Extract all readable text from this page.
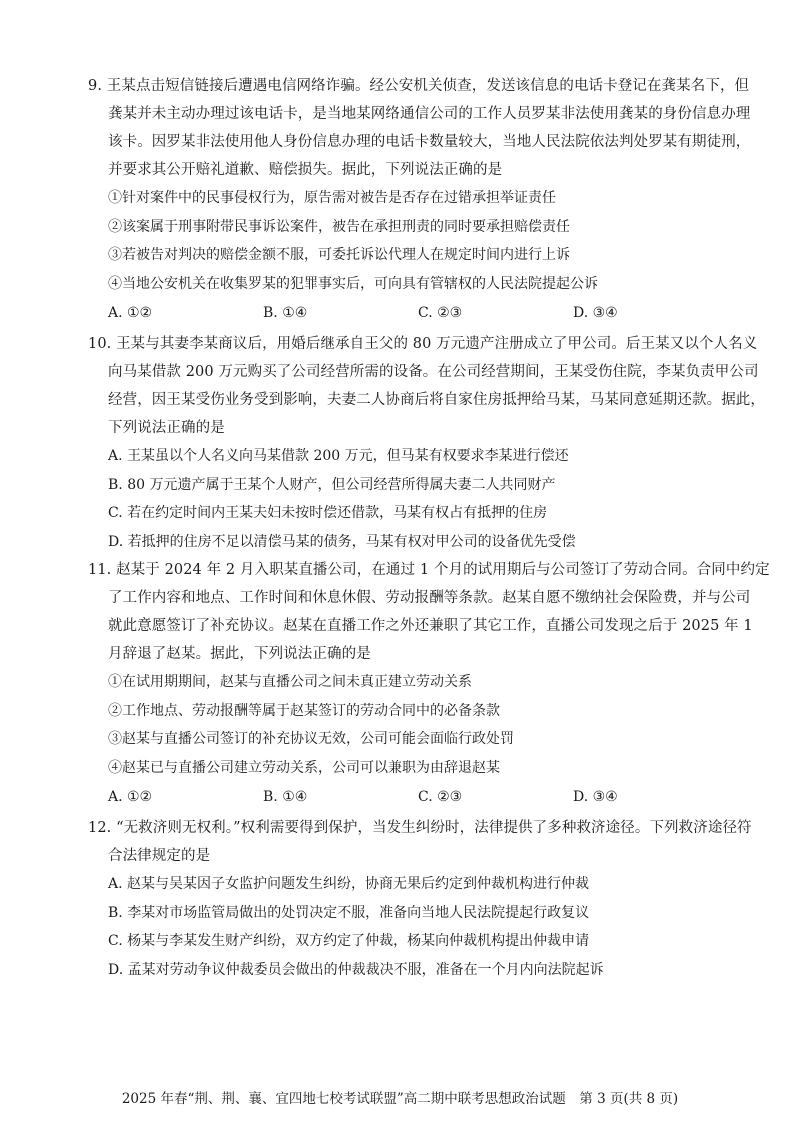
9. 王某点击短信链接后遭遇电信网络诈骗。经公安机关侦查，发送该信息的电话卡登记在龚某名下，但
龚某并未主动办理过该电话卡，是当地某网络通信公司的工作人员罗某非法使用龚某的身份信息办理
该卡。因罗某非法使用他人身份信息办理的电话卡数量较大，当地人民法院依法判处罗某有期徒刑，
并要求其公开赔礼道歉、赔偿损失。据此，下列说法正确的是
①针对案件中的民事侵权行为，原告需对被告是否存在过错承担举证责任
②该案属于刑事附带民事诉讼案件，被告在承担刑责的同时要承担赔偿责任
③若被告对判决的赔偿金额不服，可委托诉讼代理人在规定时间内进行上诉
④当地公安机关在收集罗某的犯罪事实后，可向具有管辖权的人民法院提起公诉
A. ①②	B. ①④	C. ②③	D. ③④
10. 王某与其妻李某商议后，用婚后继承自王父的 80 万元遗产注册成立了甲公司。后王某又以个人名义
向马某借款 200 万元购买了公司经营所需的设备。在公司经营期间，王某受伤住院，李某负责甲公司
经营，因王某受伤业务受到影响，夫妻二人协商后将自家住房抵押给马某，马某同意延期还款。据此，
下列说法正确的是
A. 王某虽以个人名义向马某借款 200 万元，但马某有权要求李某进行偿还
B. 80 万元遗产属于王某个人财产，但公司经营所得属夫妻二人共同财产
C. 若在约定时间内王某夫妇未按时偿还借款，马某有权占有抵押的住房
D. 若抵押的住房不足以清偿马某的债务，马某有权对甲公司的设备优先受偿
11. 赵某于 2024 年 2 月入职某直播公司，在通过 1 个月的试用期后与公司签订了劳动合同。合同中约定
了工作内容和地点、工作时间和休息休假、劳动报酬等条款。赵某自愿不缴纳社会保险费，并与公司
就此意愿签订了补充协议。赵某在直播工作之外还兼职了其它工作，直播公司发现之后于 2025 年 1
月辞退了赵某。据此，下列说法正确的是
①在试用期期间，赵某与直播公司之间未真正建立劳动关系
②工作地点、劳动报酬等属于赵某签订的劳动合同中的必备条款
③赵某与直播公司签订的补充协议无效，公司可能会面临行政处罚
④赵某已与直播公司建立劳动关系，公司可以兼职为由辞退赵某
A. ①②	B. ①④	C. ②③	D. ③④
12. “无救济则无权利。”权利需要得到保护，当发生纠纷时，法律提供了多种救济途径。下列救济途径符
合法律规定的是
A. 赵某与吴某因子女监护问题发生纠纷，协商无果后约定到仲裁机构进行仲裁
B. 李某对市场监管局做出的处罚决定不服，准备向当地人民法院提起行政复议
C. 杨某与李某发生财产纠纷，双方约定了仲裁，杨某向仲裁机构提出仲裁申请
D. 孟某对劳动争议仲裁委员会做出的仲裁裁决不服，准备在一个月内向法院起诉
2025 年春“荆、荆、襄、宜四地七校考试联盟”高二期中联考思想政治试题　第 3 页(共 8 页)
